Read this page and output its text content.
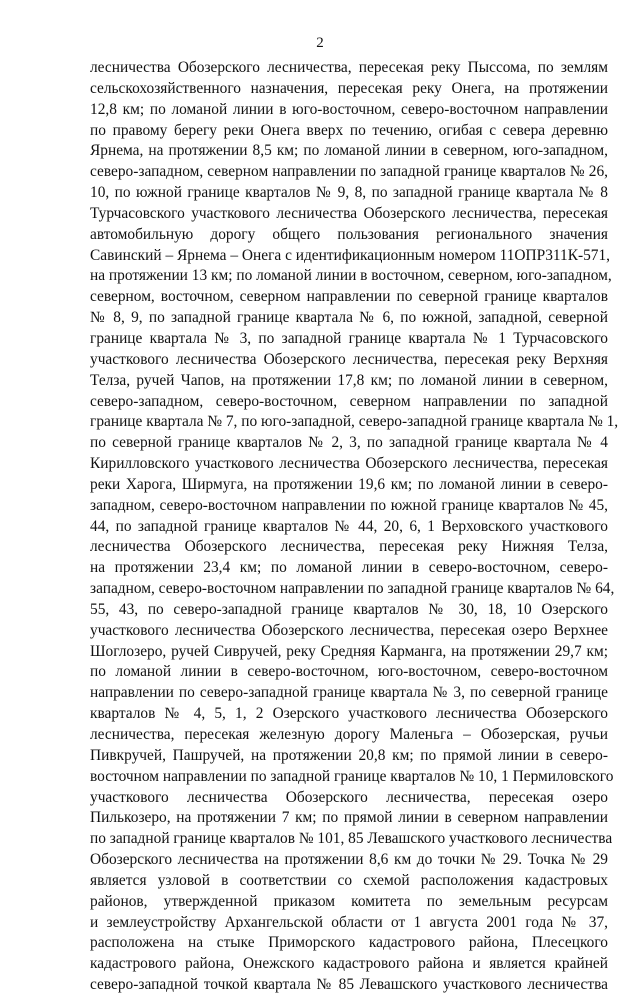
2
лесничества Обозерского лесничества, пересекая реку Пыссома, по землям
сельскохозяйственного назначения, пересекая реку Онега, на протяжении
12,8 км; по ломаной линии в юго-восточном, северо-восточном направлении
по правому берегу реки Онега вверх по течению, огибая с севера деревню
Ярнема, на протяжении 8,5 км; по ломаной линии в северном, юго-западном,
северо-западном, северном направлении по западной границе кварталов № 26,
10, по южной границе кварталов № 9, 8, по западной границе квартала № 8
Турчасовского участкового лесничества Обозерского лесничества, пересекая
автомобильную дорогу общего пользования регионального значения
Савинский – Ярнема – Онега с идентификационным номером 11ОПР311К-571,
на протяжении 13 км; по ломаной линии в восточном, северном, юго-западном,
северном, восточном, северном направлении по северной границе кварталов
№ 8, 9, по западной границе квартала № 6, по южной, западной, северной
границе квартала № 3, по западной границе квартала № 1 Турчасовского
участкового лесничества Обозерского лесничества, пересекая реку Верхняя
Телза, ручей Чапов, на протяжении 17,8 км; по ломаной линии в северном,
северо-западном, северо-восточном, северном направлении по западной
границе квартала № 7, по юго-западной, северо-западной границе квартала № 1,
по северной границе кварталов № 2, 3, по западной границе квартала № 4
Кирилловского участкового лесничества Обозерского лесничества, пересекая
реки Харога, Ширмуга, на протяжении 19,6 км; по ломаной линии в северо-
западном, северо-восточном направлении по южной границе кварталов № 45,
44, по западной границе кварталов № 44, 20, 6, 1 Верховского участкового
лесничества Обозерского лесничества, пересекая реку Нижняя Телза,
на протяжении 23,4 км; по ломаной линии в северо-восточном, северо-
западном, северо-восточном направлении по западной границе кварталов № 64,
55, 43, по северо-западной границе кварталов № 30, 18, 10 Озерского
участкового лесничества Обозерского лесничества, пересекая озеро Верхнее
Шоглозеро, ручей Сивручей, реку Средняя Карманга, на протяжении 29,7 км;
по ломаной линии в северо-восточном, юго-восточном, северо-восточном
направлении по северо-западной границе квартала № 3, по северной границе
кварталов № 4, 5, 1, 2 Озерского участкового лесничества Обозерского
лесничества, пересекая железную дорогу Маленьга – Обозерская, ручьи
Пивкручей, Пашручей, на протяжении 20,8 км; по прямой линии в северо-
восточном направлении по западной границе кварталов № 10, 1 Пермиловского
участкового лесничества Обозерского лесничества, пересекая озеро
Пилькозеро, на протяжении 7 км; по прямой линии в северном направлении
по западной границе кварталов № 101, 85 Левашского участкового лесничества
Обозерского лесничества на протяжении 8,6 км до точки № 29. Точка № 29
является узловой в соответствии со схемой расположения кадастровых
районов, утвержденной приказом комитета по земельным ресурсам
и землеустройству Архангельской области от 1 августа 2001 года № 37,
расположена на стыке Приморского кадастрового района, Плесецкого
кадастрового района, Онежского кадастрового района и является крайней
северо-западной точкой квартала № 85 Левашского участкового лесничества
